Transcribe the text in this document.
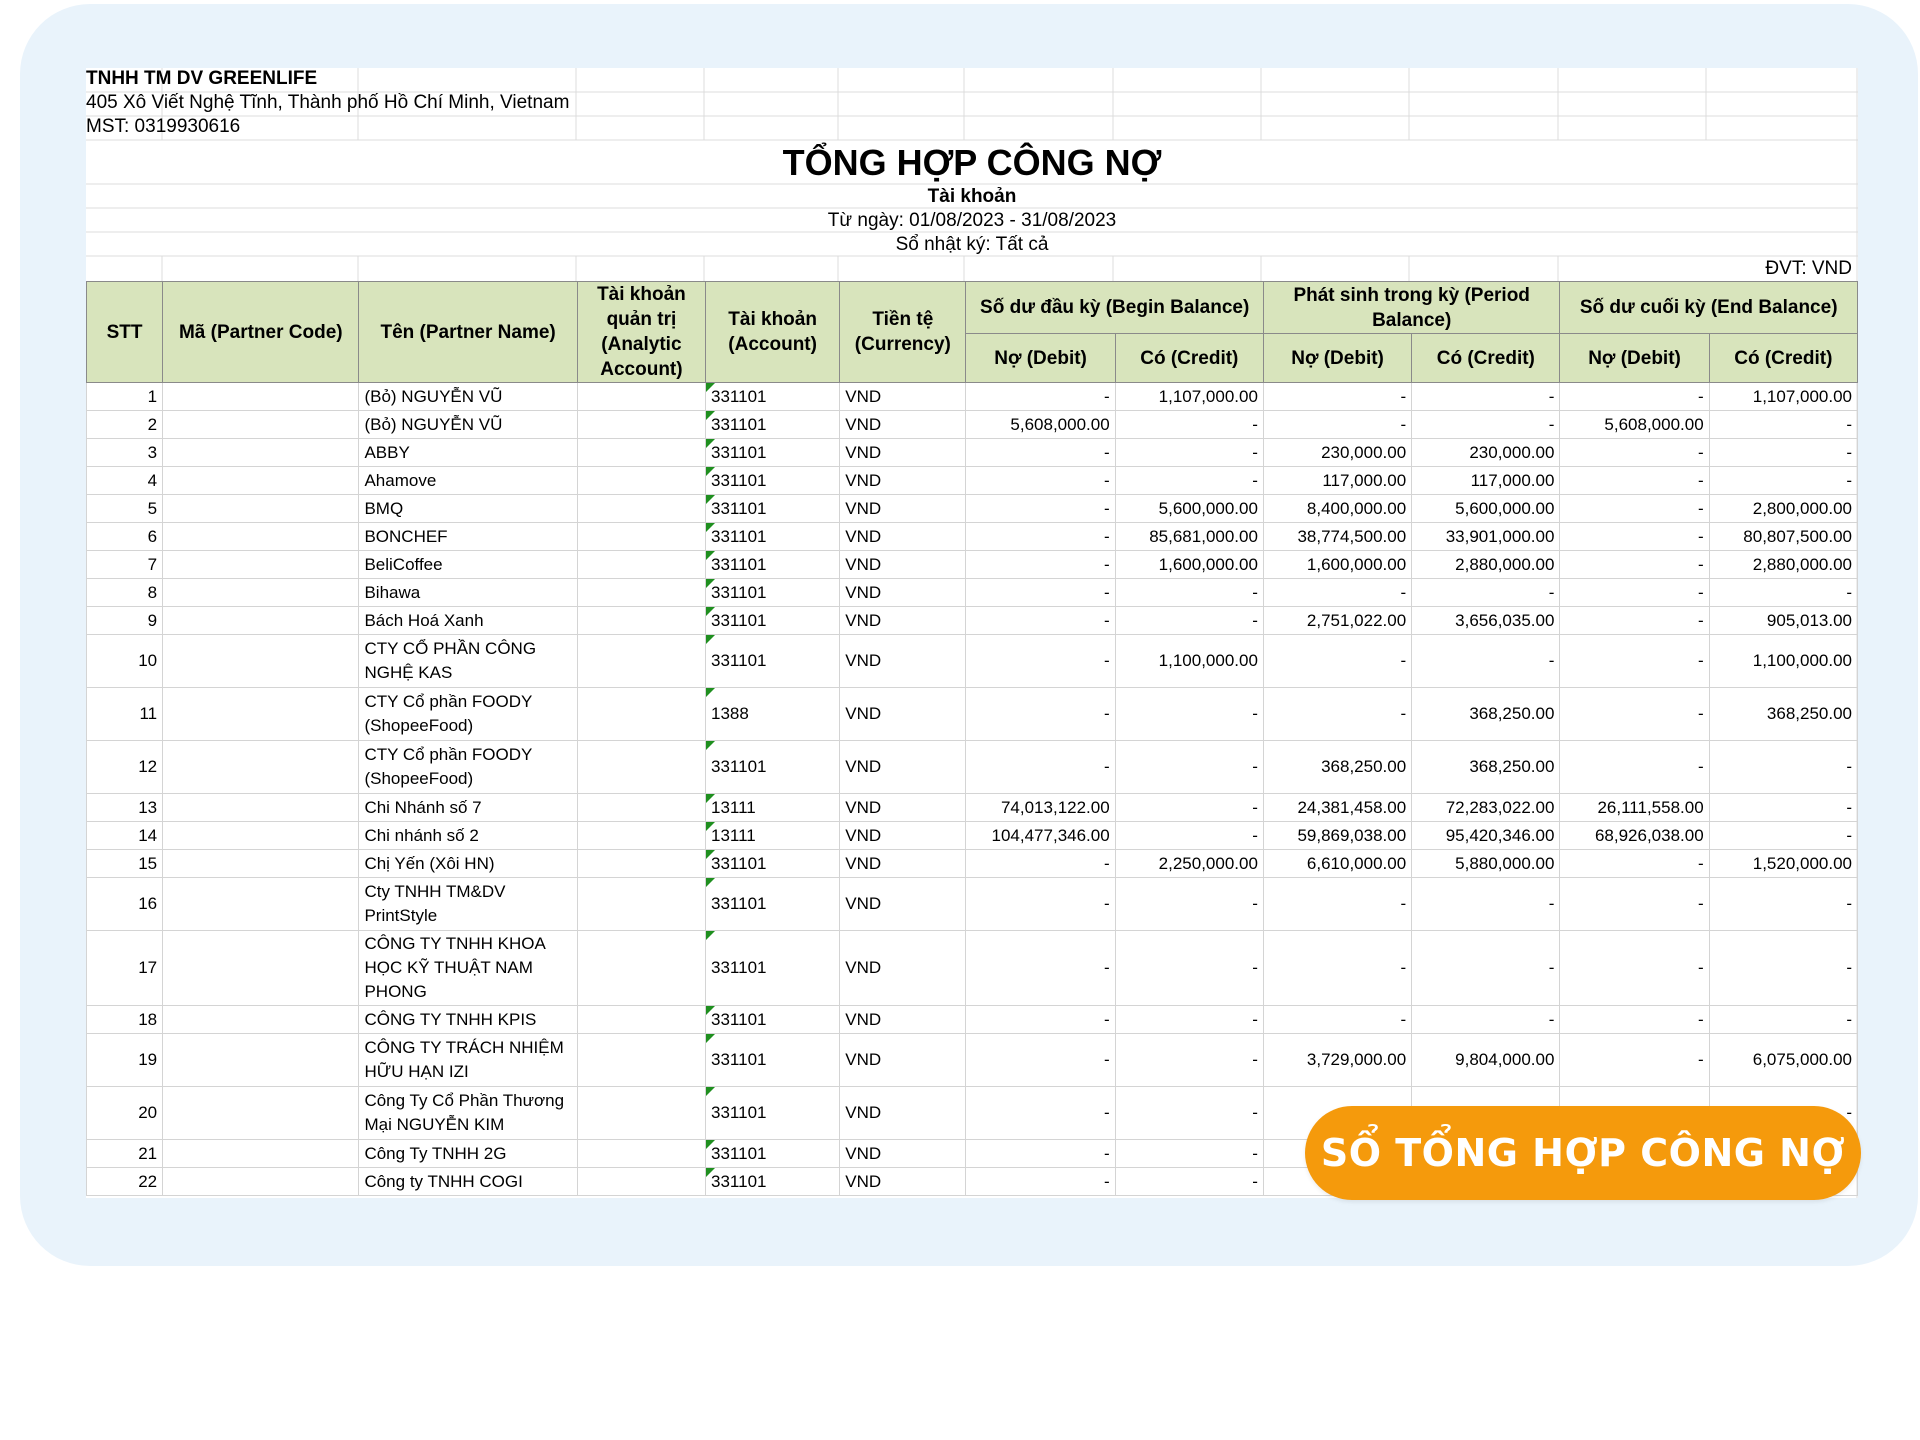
TNHH TM DV GREENLIFE
405 Xô Viết Nghệ Tĩnh, Thành phố Hồ Chí Minh, Vietnam
MST: 0319930616
TỔNG HỢP CÔNG NỢ
Tài khoản
Từ ngày: 01/08/2023 - 31/08/2023
Sổ nhật ký: Tất cả
ĐVT: VND
STT	Mã (Partner Code)	Tên (Partner Name)	Tài khoản quản trị (Analytic Account)	Tài khoản (Account)	Tiền tệ (Currency)	Số dư đầu kỳ (Begin Balance)		Phát sinh trong kỳ (Period Balance)		Số dư cuối kỳ (End Balance)	
						Nợ (Debit)	Có (Credit)	Nợ (Debit)	Có (Credit)	Nợ (Debit)	Có (Credit)
1		(Bỏ) NGUYỄN VŨ		331101	VND	-	1,107,000.00	-	-	-	1,107,000.00
2		(Bỏ) NGUYỄN VŨ		331101	VND	5,608,000.00	-	-	-	5,608,000.00	-
3		ABBY		331101	VND	-	-	230,000.00	230,000.00	-	-
4		Ahamove		331101	VND	-	-	117,000.00	117,000.00	-	-
5		BMQ		331101	VND	-	5,600,000.00	8,400,000.00	5,600,000.00	-	2,800,000.00
6		BONCHEF		331101	VND	-	85,681,000.00	38,774,500.00	33,901,000.00	-	80,807,500.00
7		BeliCoffee		331101	VND	-	1,600,000.00	1,600,000.00	2,880,000.00	-	2,880,000.00
8		Bihawa		331101	VND	-	-	-	-	-	-
9		Bách Hoá Xanh		331101	VND	-	-	2,751,022.00	3,656,035.00	-	905,013.00
10		CTY CỔ PHẦN CÔNG NGHỆ KAS		331101	VND	-	1,100,000.00	-	-	-	1,100,000.00
11		CTY Cổ phần FOODY (ShopeeFood)		1388	VND	-	-	-	368,250.00	-	368,250.00
12		CTY Cổ phần FOODY (ShopeeFood)		331101	VND	-	-	368,250.00	368,250.00	-	-
13		Chi Nhánh số 7		13111	VND	74,013,122.00	-	24,381,458.00	72,283,022.00	26,111,558.00	-
14		Chi nhánh số 2		13111	VND	104,477,346.00	-	59,869,038.00	95,420,346.00	68,926,038.00	-
15		Chị Yến (Xôi HN)		331101	VND	-	2,250,000.00	6,610,000.00	5,880,000.00	-	1,520,000.00
16		Cty TNHH TM&DV PrintStyle		331101	VND	-	-	-	-	-	-
17		CÔNG TY TNHH KHOA HỌC KỸ THUẬT NAM PHONG		331101	VND	-	-	-	-	-	-
18		CÔNG TY TNHH KPIS		331101	VND	-	-	-	-	-	-
19		CÔNG TY TRÁCH NHIỆM HỮU HẠN IZI		331101	VND	-	-	3,729,000.00	9,804,000.00	-	6,075,000.00
20		Công Ty Cổ Phần Thương Mại NGUYỄN KIM		331101	VND	-	-				-
21		Công Ty TNHH 2G		331101	VND	-	-				
22		Công ty TNHH COGI		331101	VND	-	-				
SỔ TỔNG HỢP CÔNG NỢ
